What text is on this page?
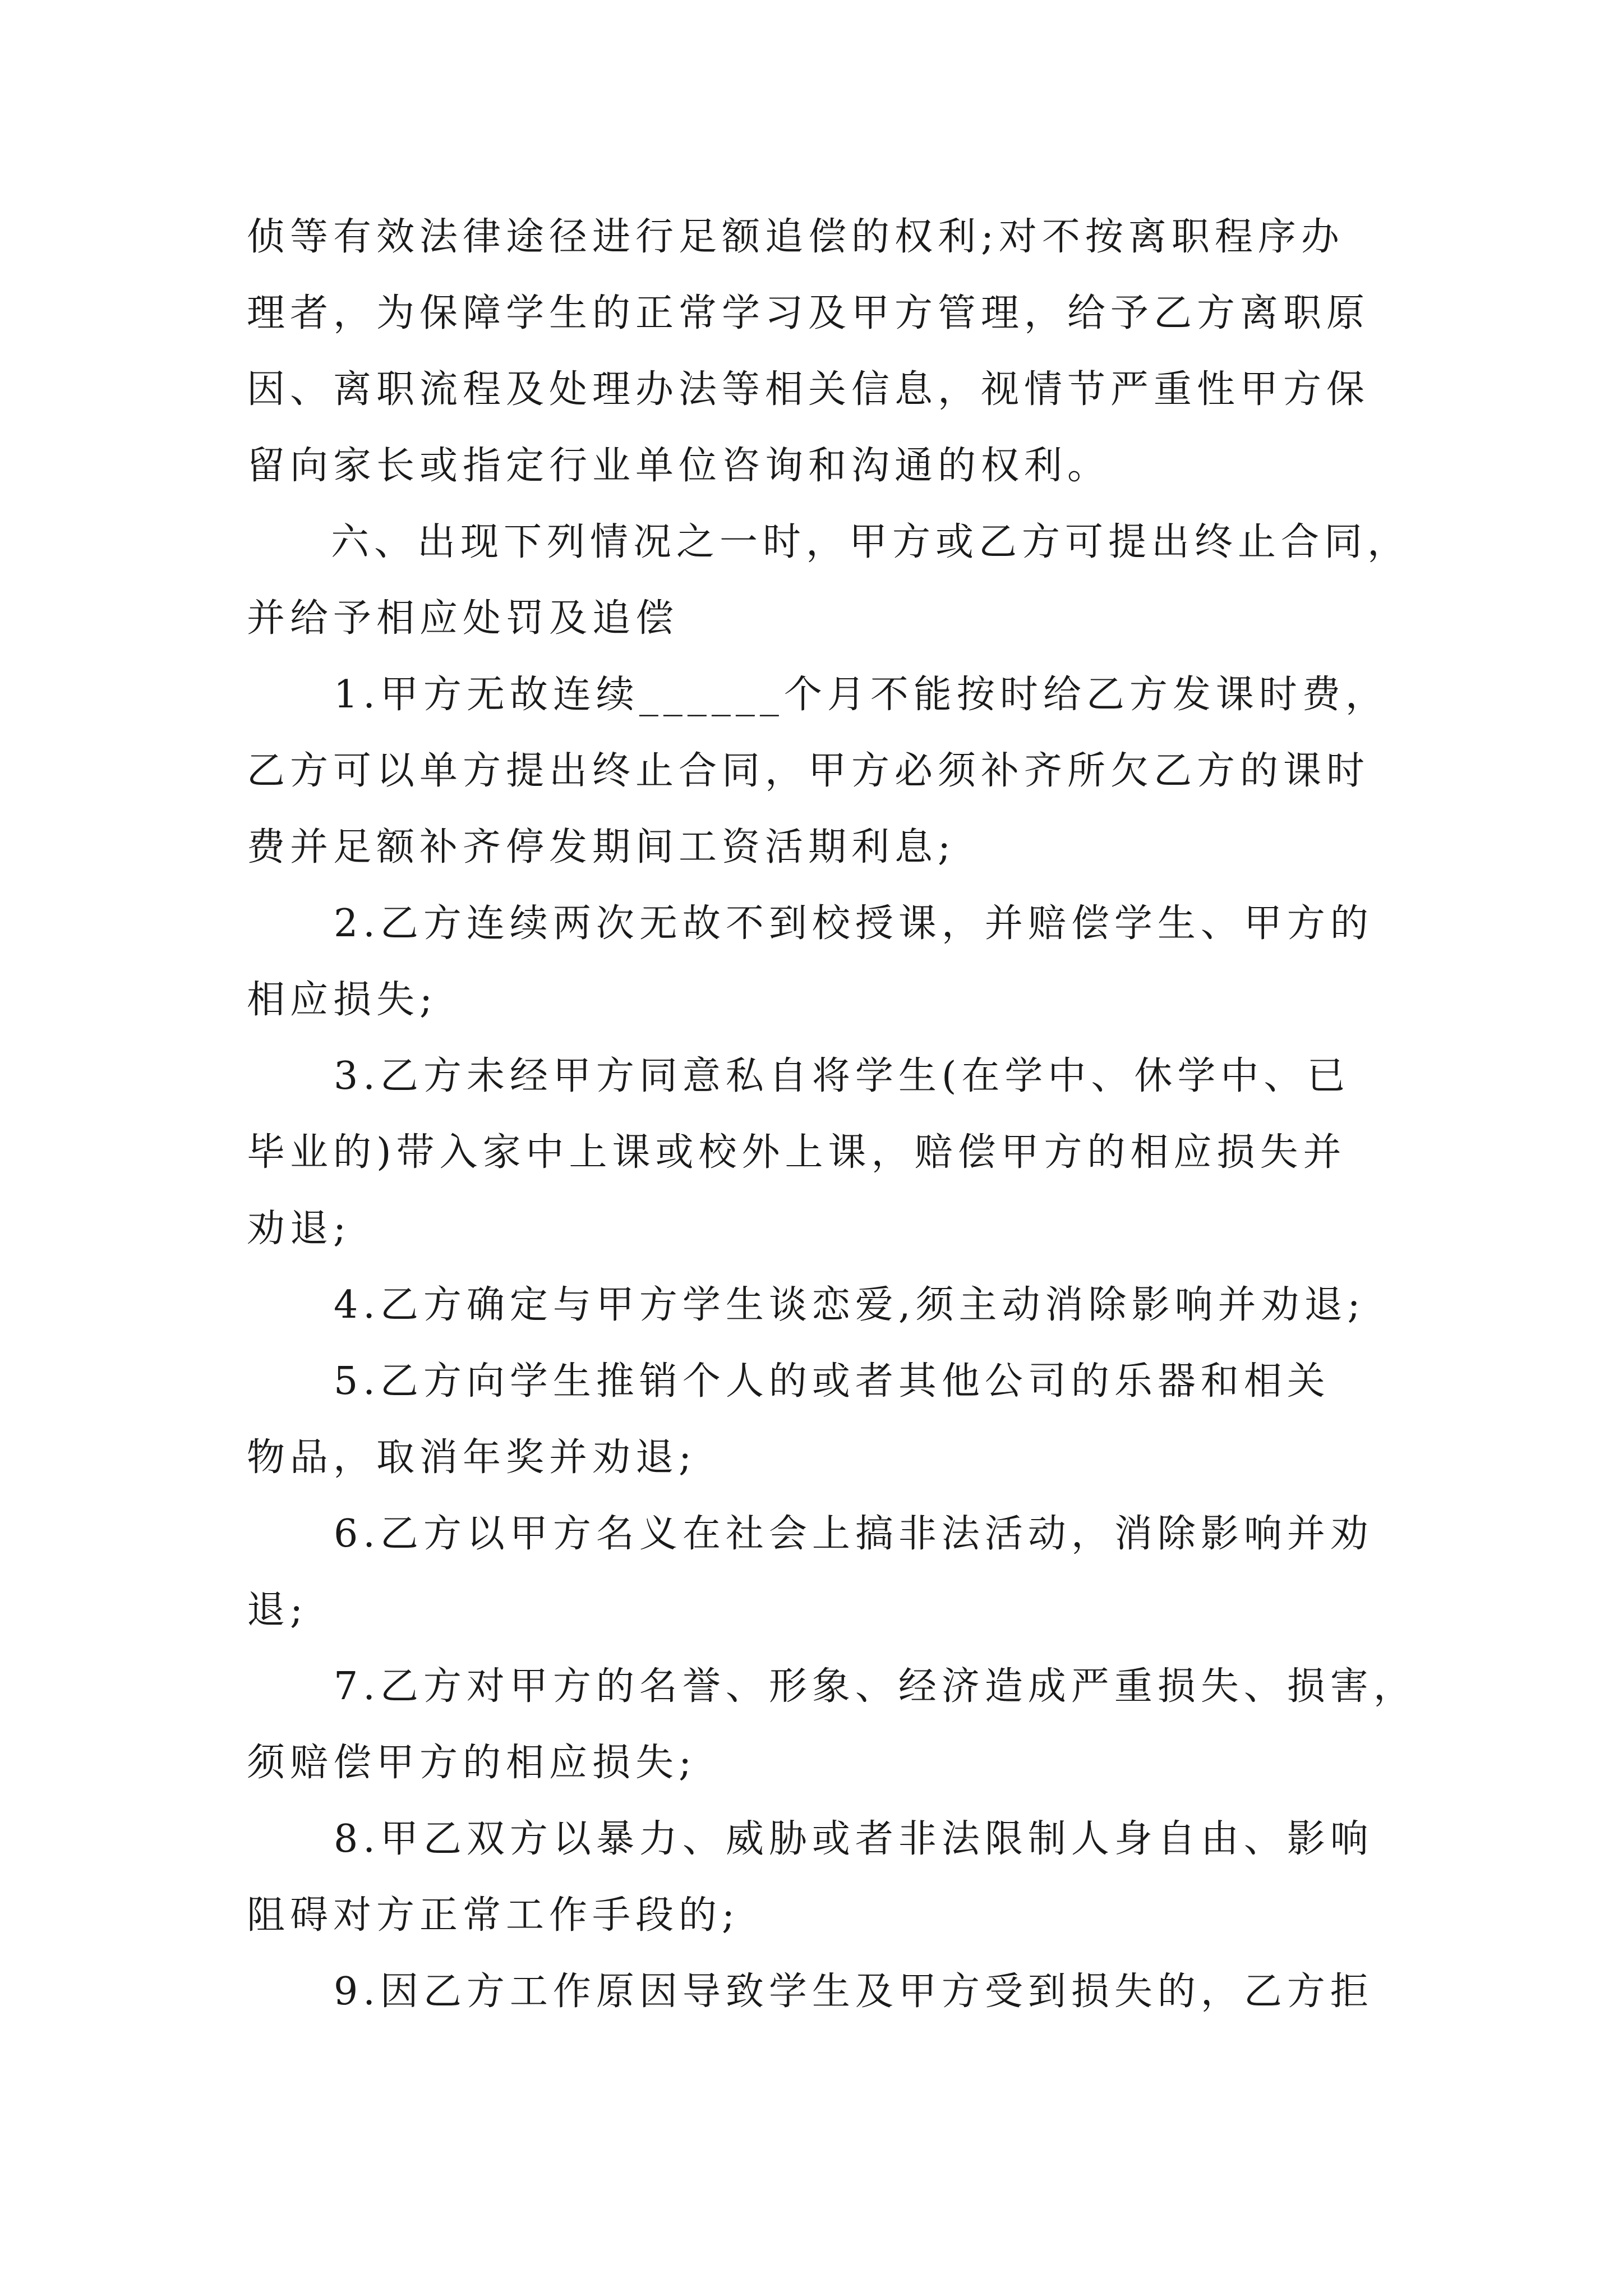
侦等有效法律途径进行足额追偿的权利;对不按离职程序办
理者，为保障学生的正常学习及甲方管理，给予乙方离职原
因、离职流程及处理办法等相关信息，视情节严重性甲方保
留向家长或指定行业单位咨询和沟通的权利。
六、出现下列情况之一时，甲方或乙方可提出终止合同，
并给予相应处罚及追偿
1.甲方无故连续______个月不能按时给乙方发课时费，
乙方可以单方提出终止合同，甲方必须补齐所欠乙方的课时
费并足额补齐停发期间工资活期利息;
2.乙方连续两次无故不到校授课，并赔偿学生、甲方的
相应损失;
3.乙方未经甲方同意私自将学生(在学中、休学中、已
毕业的)带入家中上课或校外上课，赔偿甲方的相应损失并
劝退;
4.乙方确定与甲方学生谈恋爱,须主动消除影响并劝退;
5.乙方向学生推销个人的或者其他公司的乐器和相关
物品，取消年奖并劝退;
6.乙方以甲方名义在社会上搞非法活动，消除影响并劝
退;
7.乙方对甲方的名誉、形象、经济造成严重损失、损害，
须赔偿甲方的相应损失;
8.甲乙双方以暴力、威胁或者非法限制人身自由、影响
阻碍对方正常工作手段的;
9.因乙方工作原因导致学生及甲方受到损失的，乙方拒
